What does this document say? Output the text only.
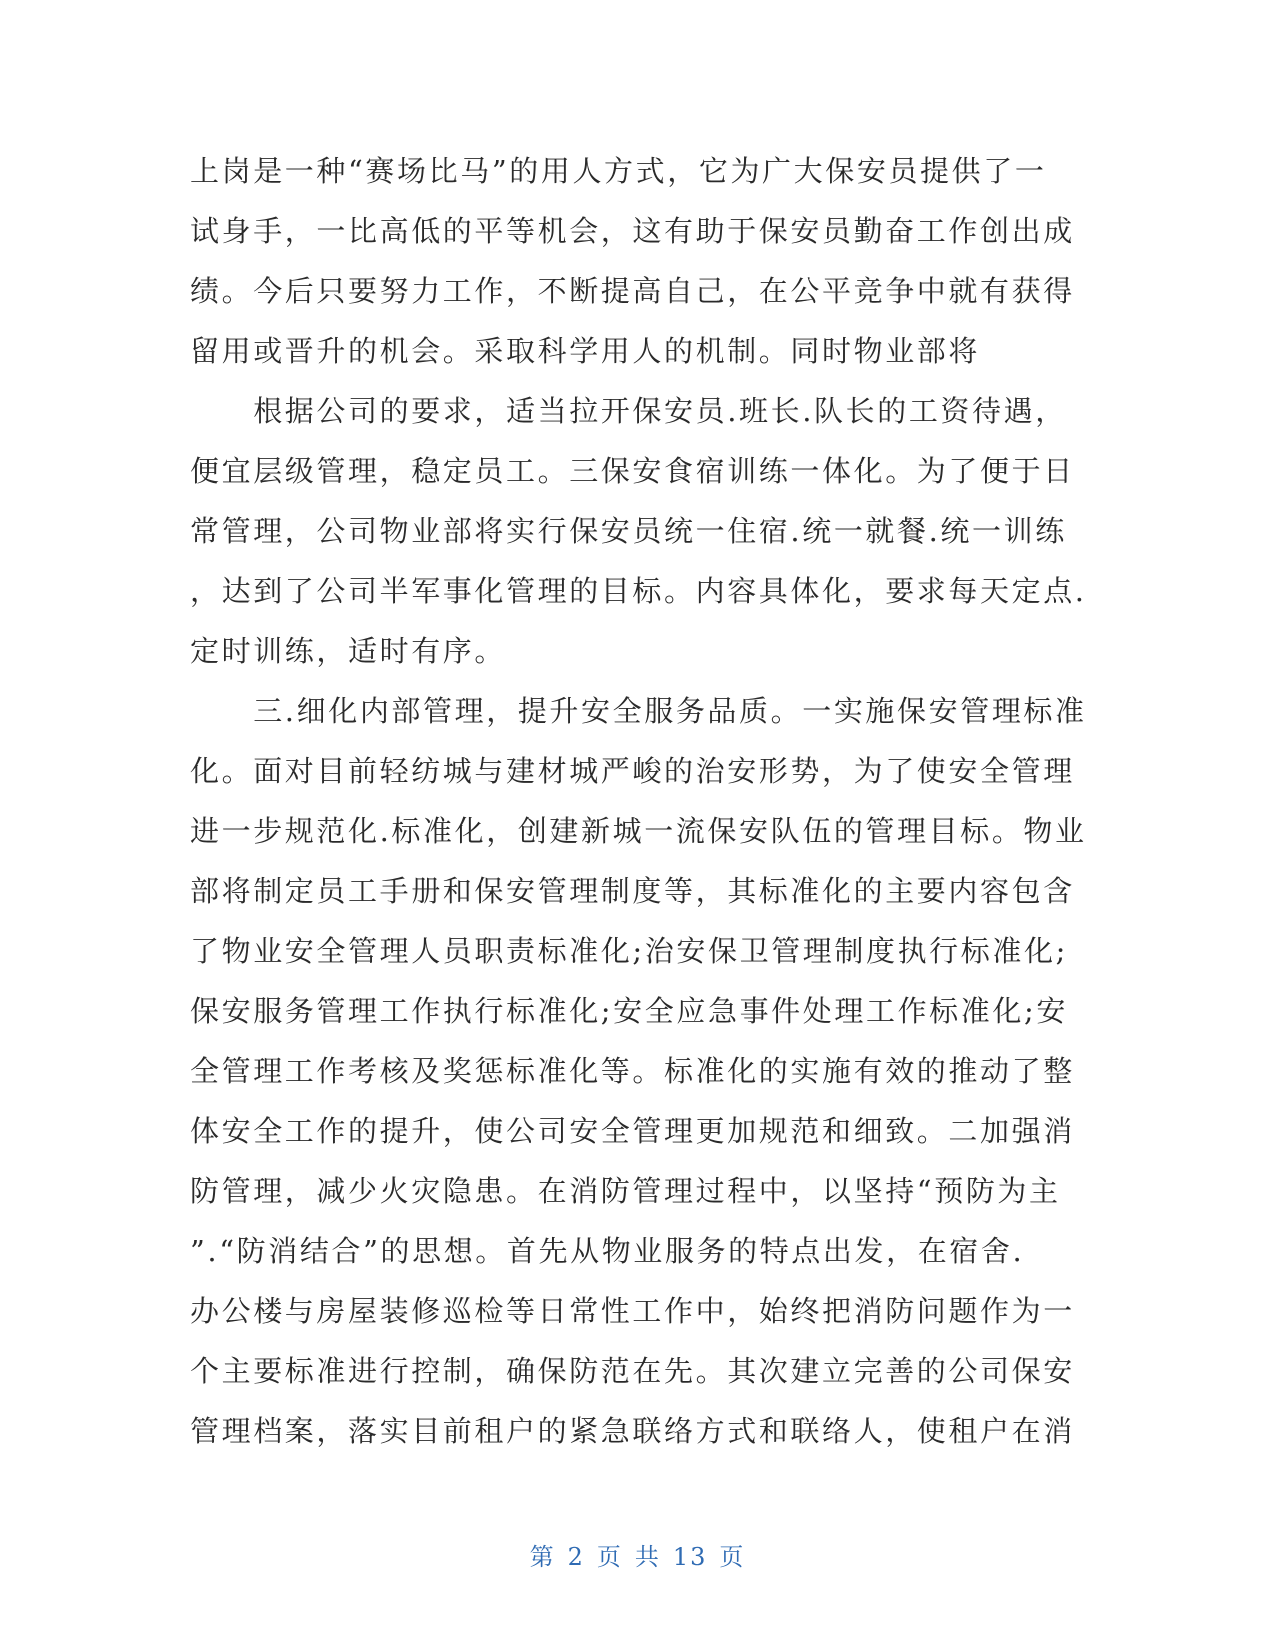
上岗是一种“赛场比马”的用人方式，它为广大保安员提供了一
试身手，一比高低的平等机会，这有助于保安员勤奋工作创出成
绩。今后只要努力工作，不断提高自己，在公平竞争中就有获得
留用或晋升的机会。采取科学用人的机制。同时物业部将
　　根据公司的要求，适当拉开保安员.班长.队长的工资待遇，
便宜层级管理，稳定员工。三保安食宿训练一体化。为了便于日
常管理，公司物业部将实行保安员统一住宿.统一就餐.统一训练
，达到了公司半军事化管理的目标。内容具体化，要求每天定点.
定时训练，适时有序。
　　三.细化内部管理，提升安全服务品质。一实施保安管理标准
化。面对目前轻纺城与建材城严峻的治安形势，为了使安全管理
进一步规范化.标准化，创建新城一流保安队伍的管理目标。物业
部将制定员工手册和保安管理制度等，其标准化的主要内容包含
了物业安全管理人员职责标准化;治安保卫管理制度执行标准化;
保安服务管理工作执行标准化;安全应急事件处理工作标准化;安
全管理工作考核及奖惩标准化等。标准化的实施有效的推动了整
体安全工作的提升，使公司安全管理更加规范和细致。二加强消
防管理，减少火灾隐患。在消防管理过程中，以坚持“预防为主
”.“防消结合”的思想。首先从物业服务的特点出发，在宿舍.
办公楼与房屋装修巡检等日常性工作中，始终把消防问题作为一
个主要标准进行控制，确保防范在先。其次建立完善的公司保安
管理档案，落实目前租户的紧急联络方式和联络人，使租户在消
第 2 页 共 13 页
